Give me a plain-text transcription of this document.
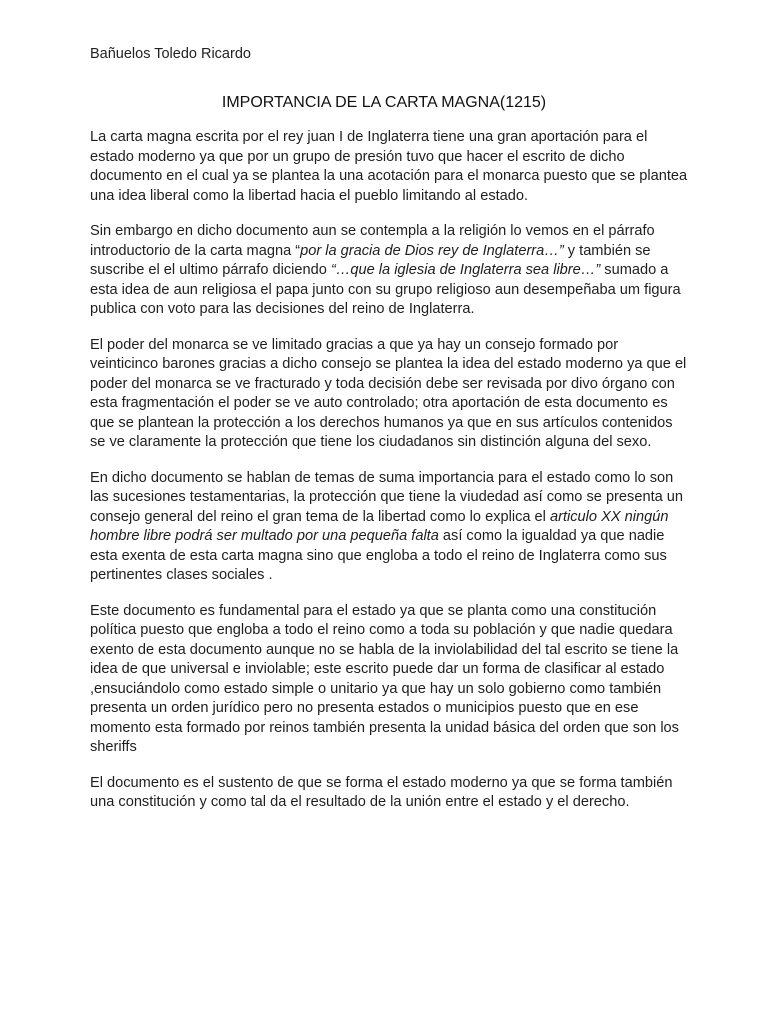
Bañuelos Toledo Ricardo
IMPORTANCIA DE LA CARTA MAGNA(1215)

La carta magna escrita por el rey juan I de Inglaterra tiene una gran aportación para el estado moderno ya que por un grupo de presión tuvo que hacer el escrito de dicho documento en el cual ya se plantea la una acotación para el monarca puesto que se plantea una idea liberal como la libertad hacia el pueblo limitando al estado.

Sin embargo en dicho documento aun se contempla a la religión lo vemos en el párrafo introductorio de la carta magna “por la gracia de Dios rey de Inglaterra…” y también se suscribe el el ultimo párrafo diciendo “…que la iglesia de Inglaterra sea libre…” sumado a esta idea de aun religiosa el papa junto con su grupo religioso aun desempeñaba um figura publica con voto para las decisiones del reino de Inglaterra.

El poder del monarca se ve limitado gracias a que ya hay un consejo formado por veinticinco barones gracias a dicho consejo se plantea la idea del estado moderno ya que el poder del monarca se ve fracturado y toda decisión debe ser revisada por divo órgano con esta fragmentación el poder se ve auto controlado; otra aportación de esta documento es que se plantean la protección a los derechos humanos ya que en sus artículos contenidos se ve claramente la protección que tiene los ciudadanos sin distinción alguna del sexo.

En dicho documento se hablan de temas de suma importancia para el estado como lo son las sucesiones testamentarias, la protección que tiene la viudedad así como se presenta un consejo general del reino el gran tema de la libertad como lo explica el articulo XX ningún hombre libre podrá ser multado por una pequeña falta así como la igualdad ya que nadie esta exenta de esta carta magna sino que engloba a todo el reino de Inglaterra como sus pertinentes clases sociales .

Este documento es fundamental para el estado ya que se planta como una constitución política puesto que engloba a todo el reino como a toda su población y que nadie quedara exento de esta documento aunque no se habla de la inviolabilidad del tal escrito se tiene la idea de que universal e inviolable; este escrito puede dar un forma de clasificar al estado ,ensuciándolo como estado simple o unitario ya que hay un solo gobierno como también presenta un orden jurídico pero no presenta estados o municipios puesto que en ese momento esta formado por reinos también presenta la unidad básica del orden que son los sheriffs

El documento es el sustento de que se forma el estado moderno ya que se forma también una constitución y como tal da el resultado de la unión entre el estado y el derecho.
